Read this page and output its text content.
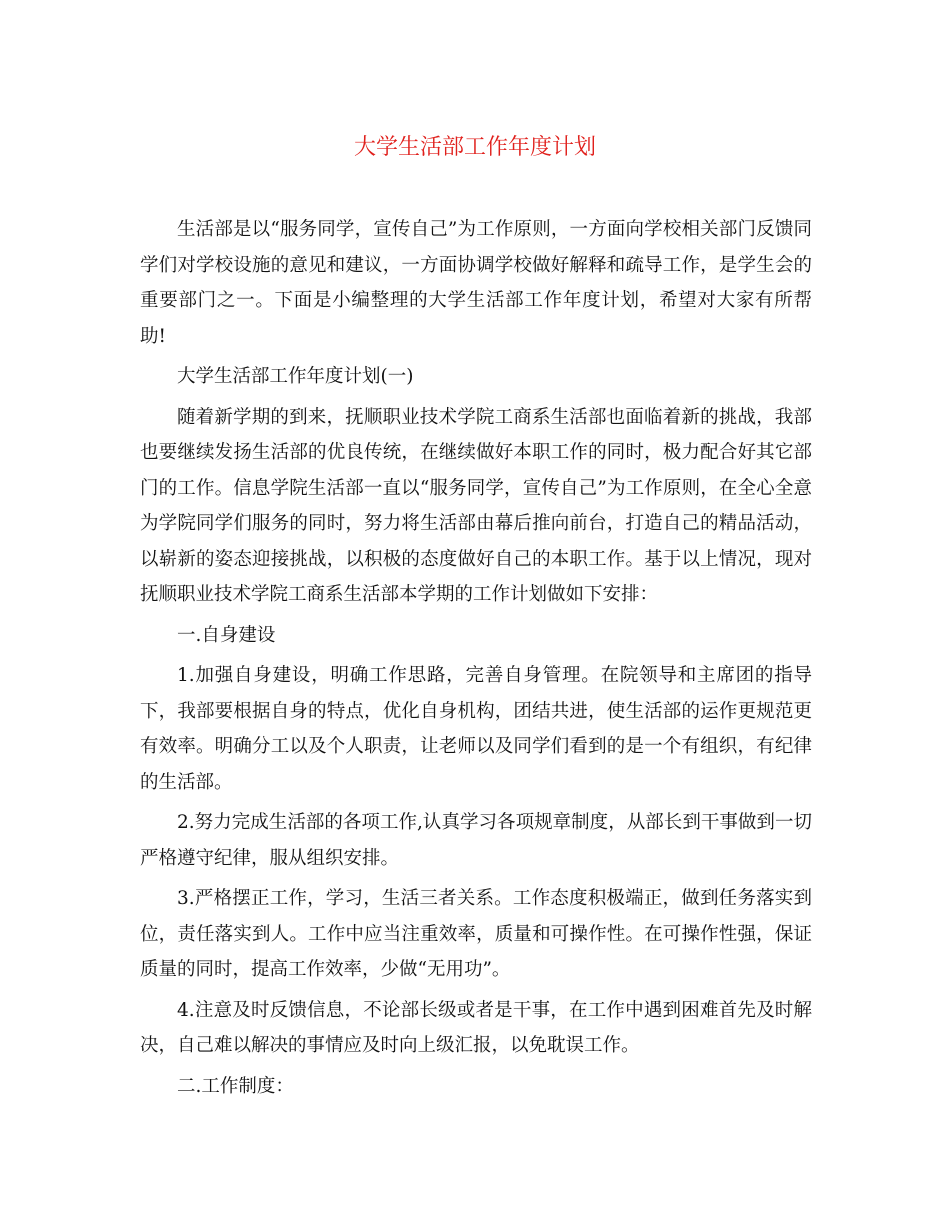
大学生活部工作年度计划

生活部是以“服务同学，宣传自己”为工作原则，一方面向学校相关部门反馈同学们对学校设施的意见和建议，一方面协调学校做好解释和疏导工作，是学生会的重要部门之一。下面是小编整理的大学生活部工作年度计划，希望对大家有所帮助!

大学生活部工作年度计划(一)

随着新学期的到来，抚顺职业技术学院工商系生活部也面临着新的挑战，我部也要继续发扬生活部的优良传统，在继续做好本职工作的同时，极力配合好其它部门的工作。信息学院生活部一直以“服务同学，宣传自己”为工作原则，在全心全意为学院同学们服务的同时，努力将生活部由幕后推向前台，打造自己的精品活动，以崭新的姿态迎接挑战，以积极的态度做好自己的本职工作。基于以上情况，现对抚顺职业技术学院工商系生活部本学期的工作计划做如下安排：

一.自身建设

1.加强自身建设，明确工作思路，完善自身管理。在院领导和主席团的指导下，我部要根据自身的特点，优化自身机构，团结共进，使生活部的运作更规范更有效率。明确分工以及个人职责，让老师以及同学们看到的是一个有组织，有纪律的生活部。

2.努力完成生活部的各项工作,认真学习各项规章制度，从部长到干事做到一切严格遵守纪律，服从组织安排。

3.严格摆正工作，学习，生活三者关系。工作态度积极端正，做到任务落实到位，责任落实到人。工作中应当注重效率，质量和可操作性。在可操作性强，保证质量的同时，提高工作效率，少做“无用功”。

4.注意及时反馈信息，不论部长级或者是干事，在工作中遇到困难首先及时解决，自己难以解决的事情应及时向上级汇报，以免耽误工作。

二.工作制度：
